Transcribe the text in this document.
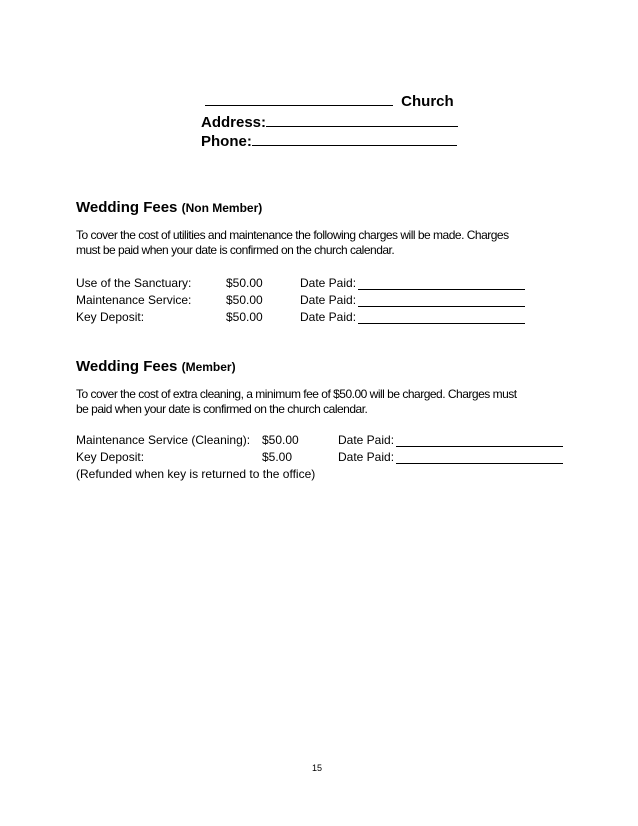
Church
Address:
Phone:
Wedding Fees (Non Member)
To cover the cost of utilities and maintenance the following charges will be made. Charges
must be paid when your date is confirmed on the church calendar.
Use of the Sanctuary:	$50.00	Date Paid:
Maintenance Service:	$50.00	Date Paid:
Key Deposit:	$50.00	Date Paid:
Wedding Fees (Member)
To cover the cost of extra cleaning, a minimum fee of $50.00 will be charged. Charges must
be paid when your date is confirmed on the church calendar.
Maintenance Service (Cleaning): $50.00	Date Paid:
Key Deposit:	$5.00	Date Paid:
(Refunded when key is returned to the office)
15
